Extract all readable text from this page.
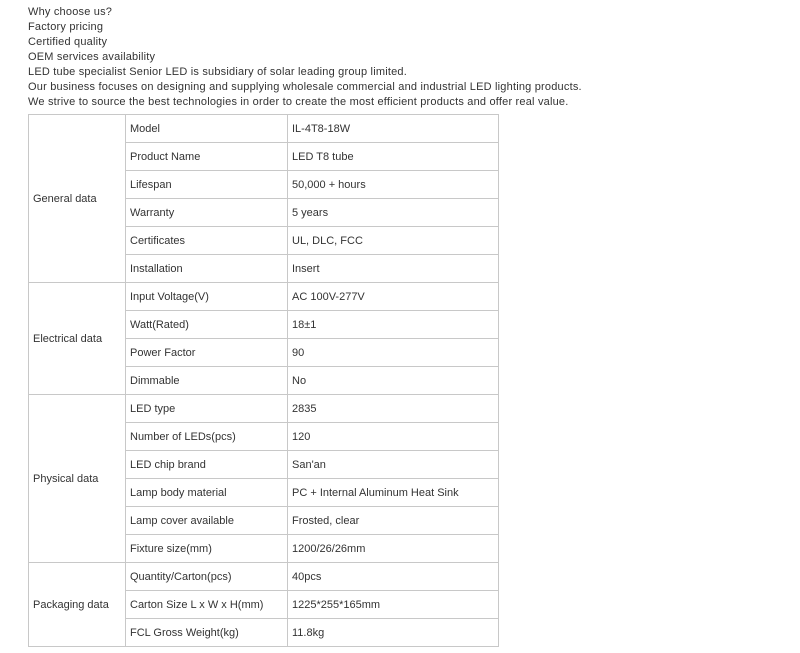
Why choose us?
Factory pricing
Certified quality
OEM services availability
LED tube specialist Senior LED is subsidiary of solar leading group limited.
Our business focuses on designing and supplying wholesale commercial and industrial LED lighting products.
We strive to source the best technologies in order to create the most efficient products and offer real value.
General data	Model	IL-4T8-18W
	Product Name	LED T8 tube
	Lifespan	50,000 + hours
	Warranty	5 years
	Certificates	UL, DLC, FCC
	Installation	Insert
Electrical data	Input Voltage(V)	AC 100V-277V
	Watt(Rated)	18±1
	Power Factor	90
	Dimmable	No
Physical data	LED type	2835
	Number of LEDs(pcs)	120
	LED chip brand	San'an
	Lamp body material	PC + Internal Aluminum Heat Sink
	Lamp cover available	Frosted, clear
	Fixture size(mm)	1200/26/26mm
Packaging data	Quantity/Carton(pcs)	40pcs
	Carton Size L x W x H(mm)	1225*255*165mm
	FCL Gross Weight(kg)	11.8kg
